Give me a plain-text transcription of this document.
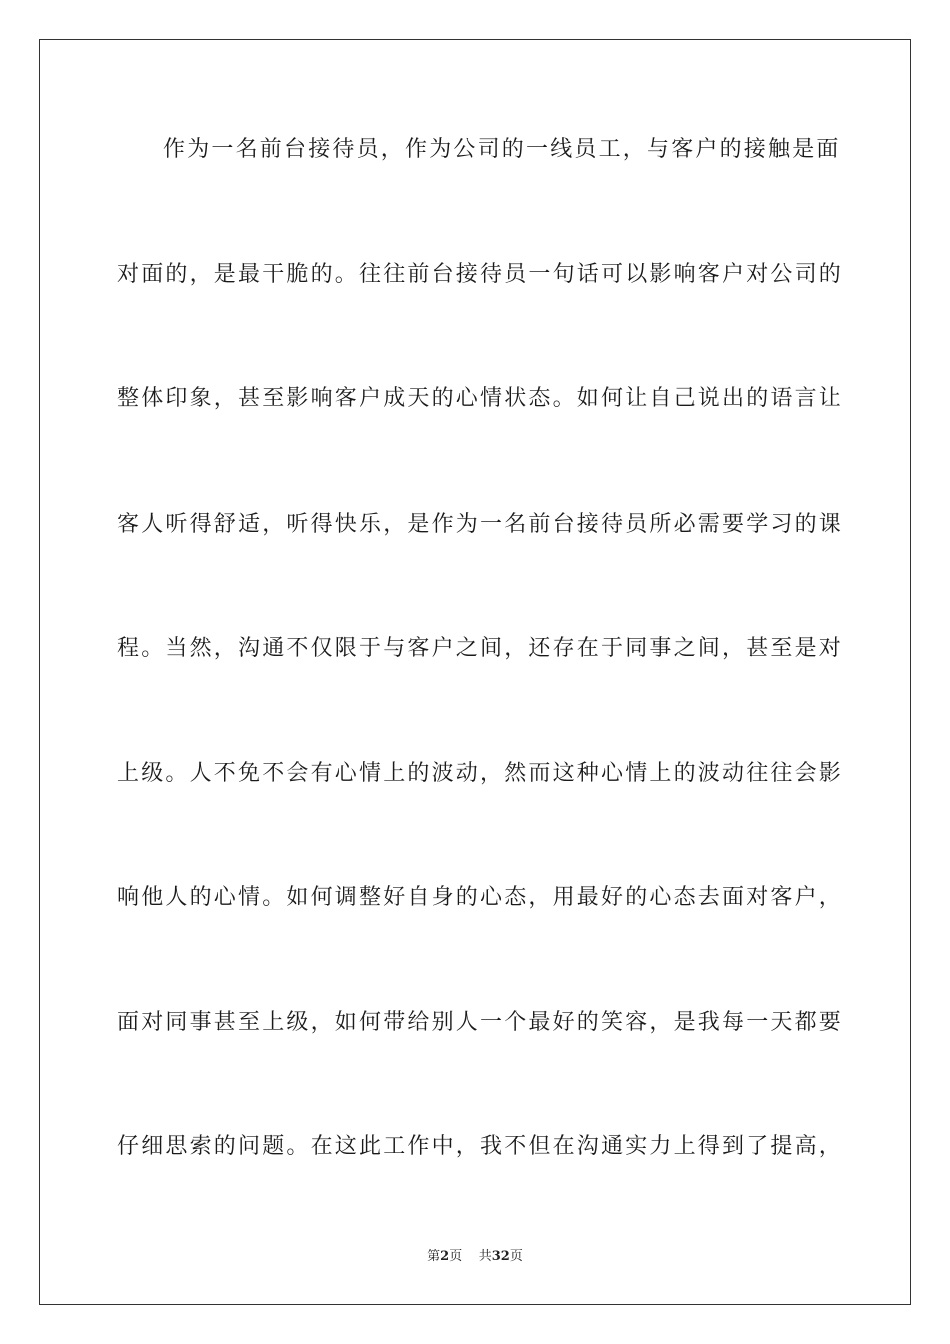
作为一名前台接待员，作为公司的一线员工，与客户的接触是面
对面的，是最干脆的。往往前台接待员一句话可以影响客户对公司的
整体印象，甚至影响客户成天的心情状态。如何让自己说出的语言让
客人听得舒适，听得快乐，是作为一名前台接待员所必需要学习的课
程。当然，沟通不仅限于与客户之间，还存在于同事之间，甚至是对
上级。人不免不会有心情上的波动，然而这种心情上的波动往往会影
响他人的心情。如何调整好自身的心态，用最好的心态去面对客户，
面对同事甚至上级，如何带给别人一个最好的笑容，是我每一天都要
仔细思索的问题。在这此工作中，我不但在沟通实力上得到了提高，
第2页 共32页
